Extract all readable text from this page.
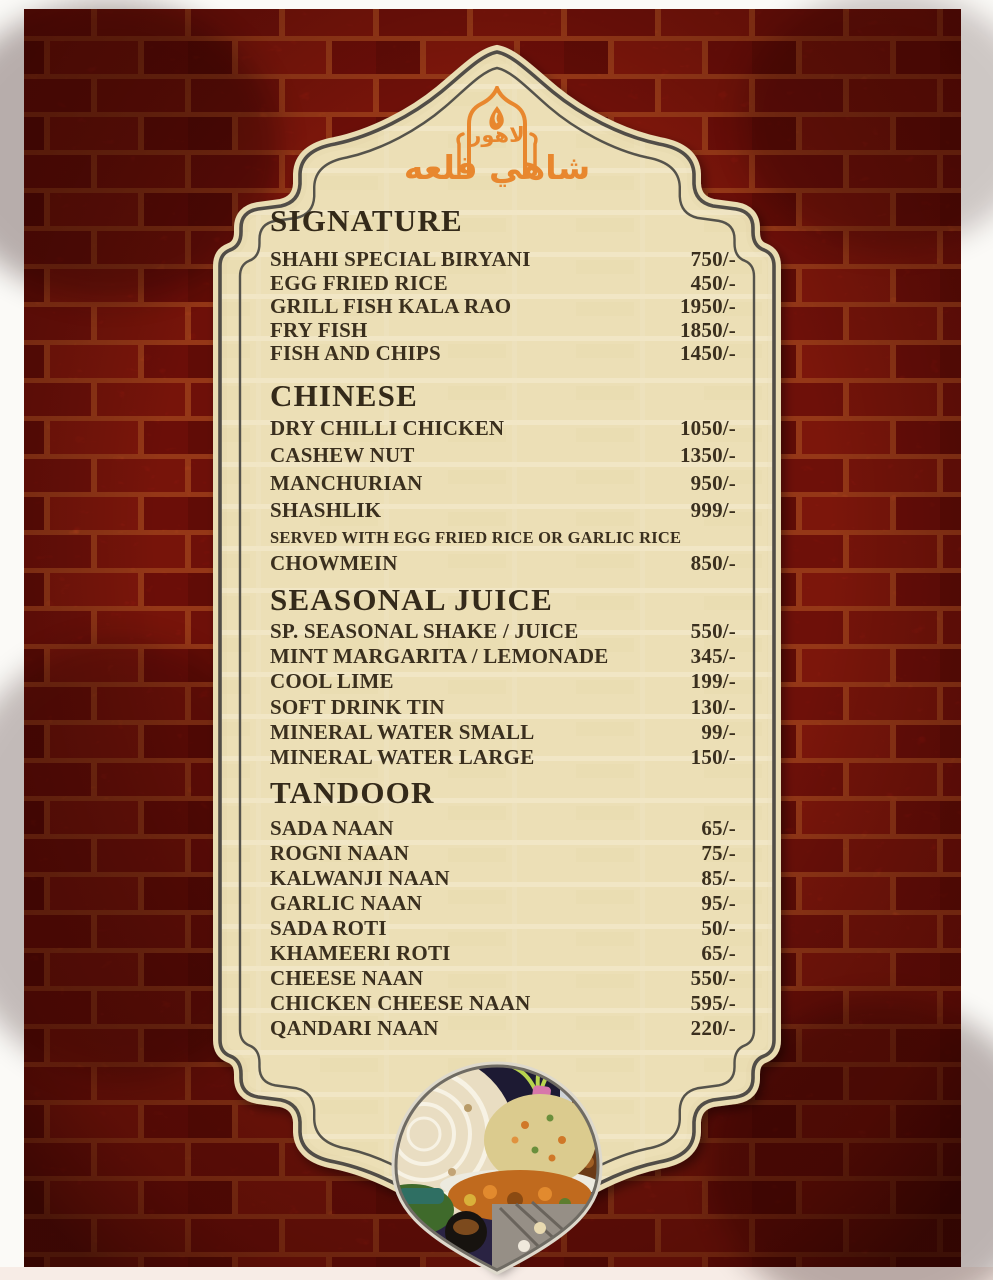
لاهور
شاهي قلعه
SIGNATURE
SHAHI SPECIAL BIRYANI	750/-
EGG FRIED RICE	450/-
GRILL FISH KALA RAO	1950/-
FRY FISH	1850/-
FISH AND CHIPS	1450/-
CHINESE
DRY CHILLI CHICKEN	1050/-
CASHEW NUT	1350/-
MANCHURIAN	950/-
SHASHLIK	999/-
SERVED WITH EGG FRIED RICE OR GARLIC RICE
CHOWMEIN	850/-
SEASONAL JUICE
SP. SEASONAL SHAKE / JUICE	550/-
MINT MARGARITA / LEMONADE	345/-
COOL LIME	199/-
SOFT DRINK TIN	130/-
MINERAL WATER SMALL	99/-
MINERAL WATER LARGE	150/-
TANDOOR
SADA NAAN	65/-
ROGNI NAAN	75/-
KALWANJI NAAN	85/-
GARLIC NAAN	95/-
SADA ROTI	50/-
KHAMEERI ROTI	65/-
CHEESE NAAN	550/-
CHICKEN CHEESE NAAN	595/-
QANDARI NAAN	220/-
